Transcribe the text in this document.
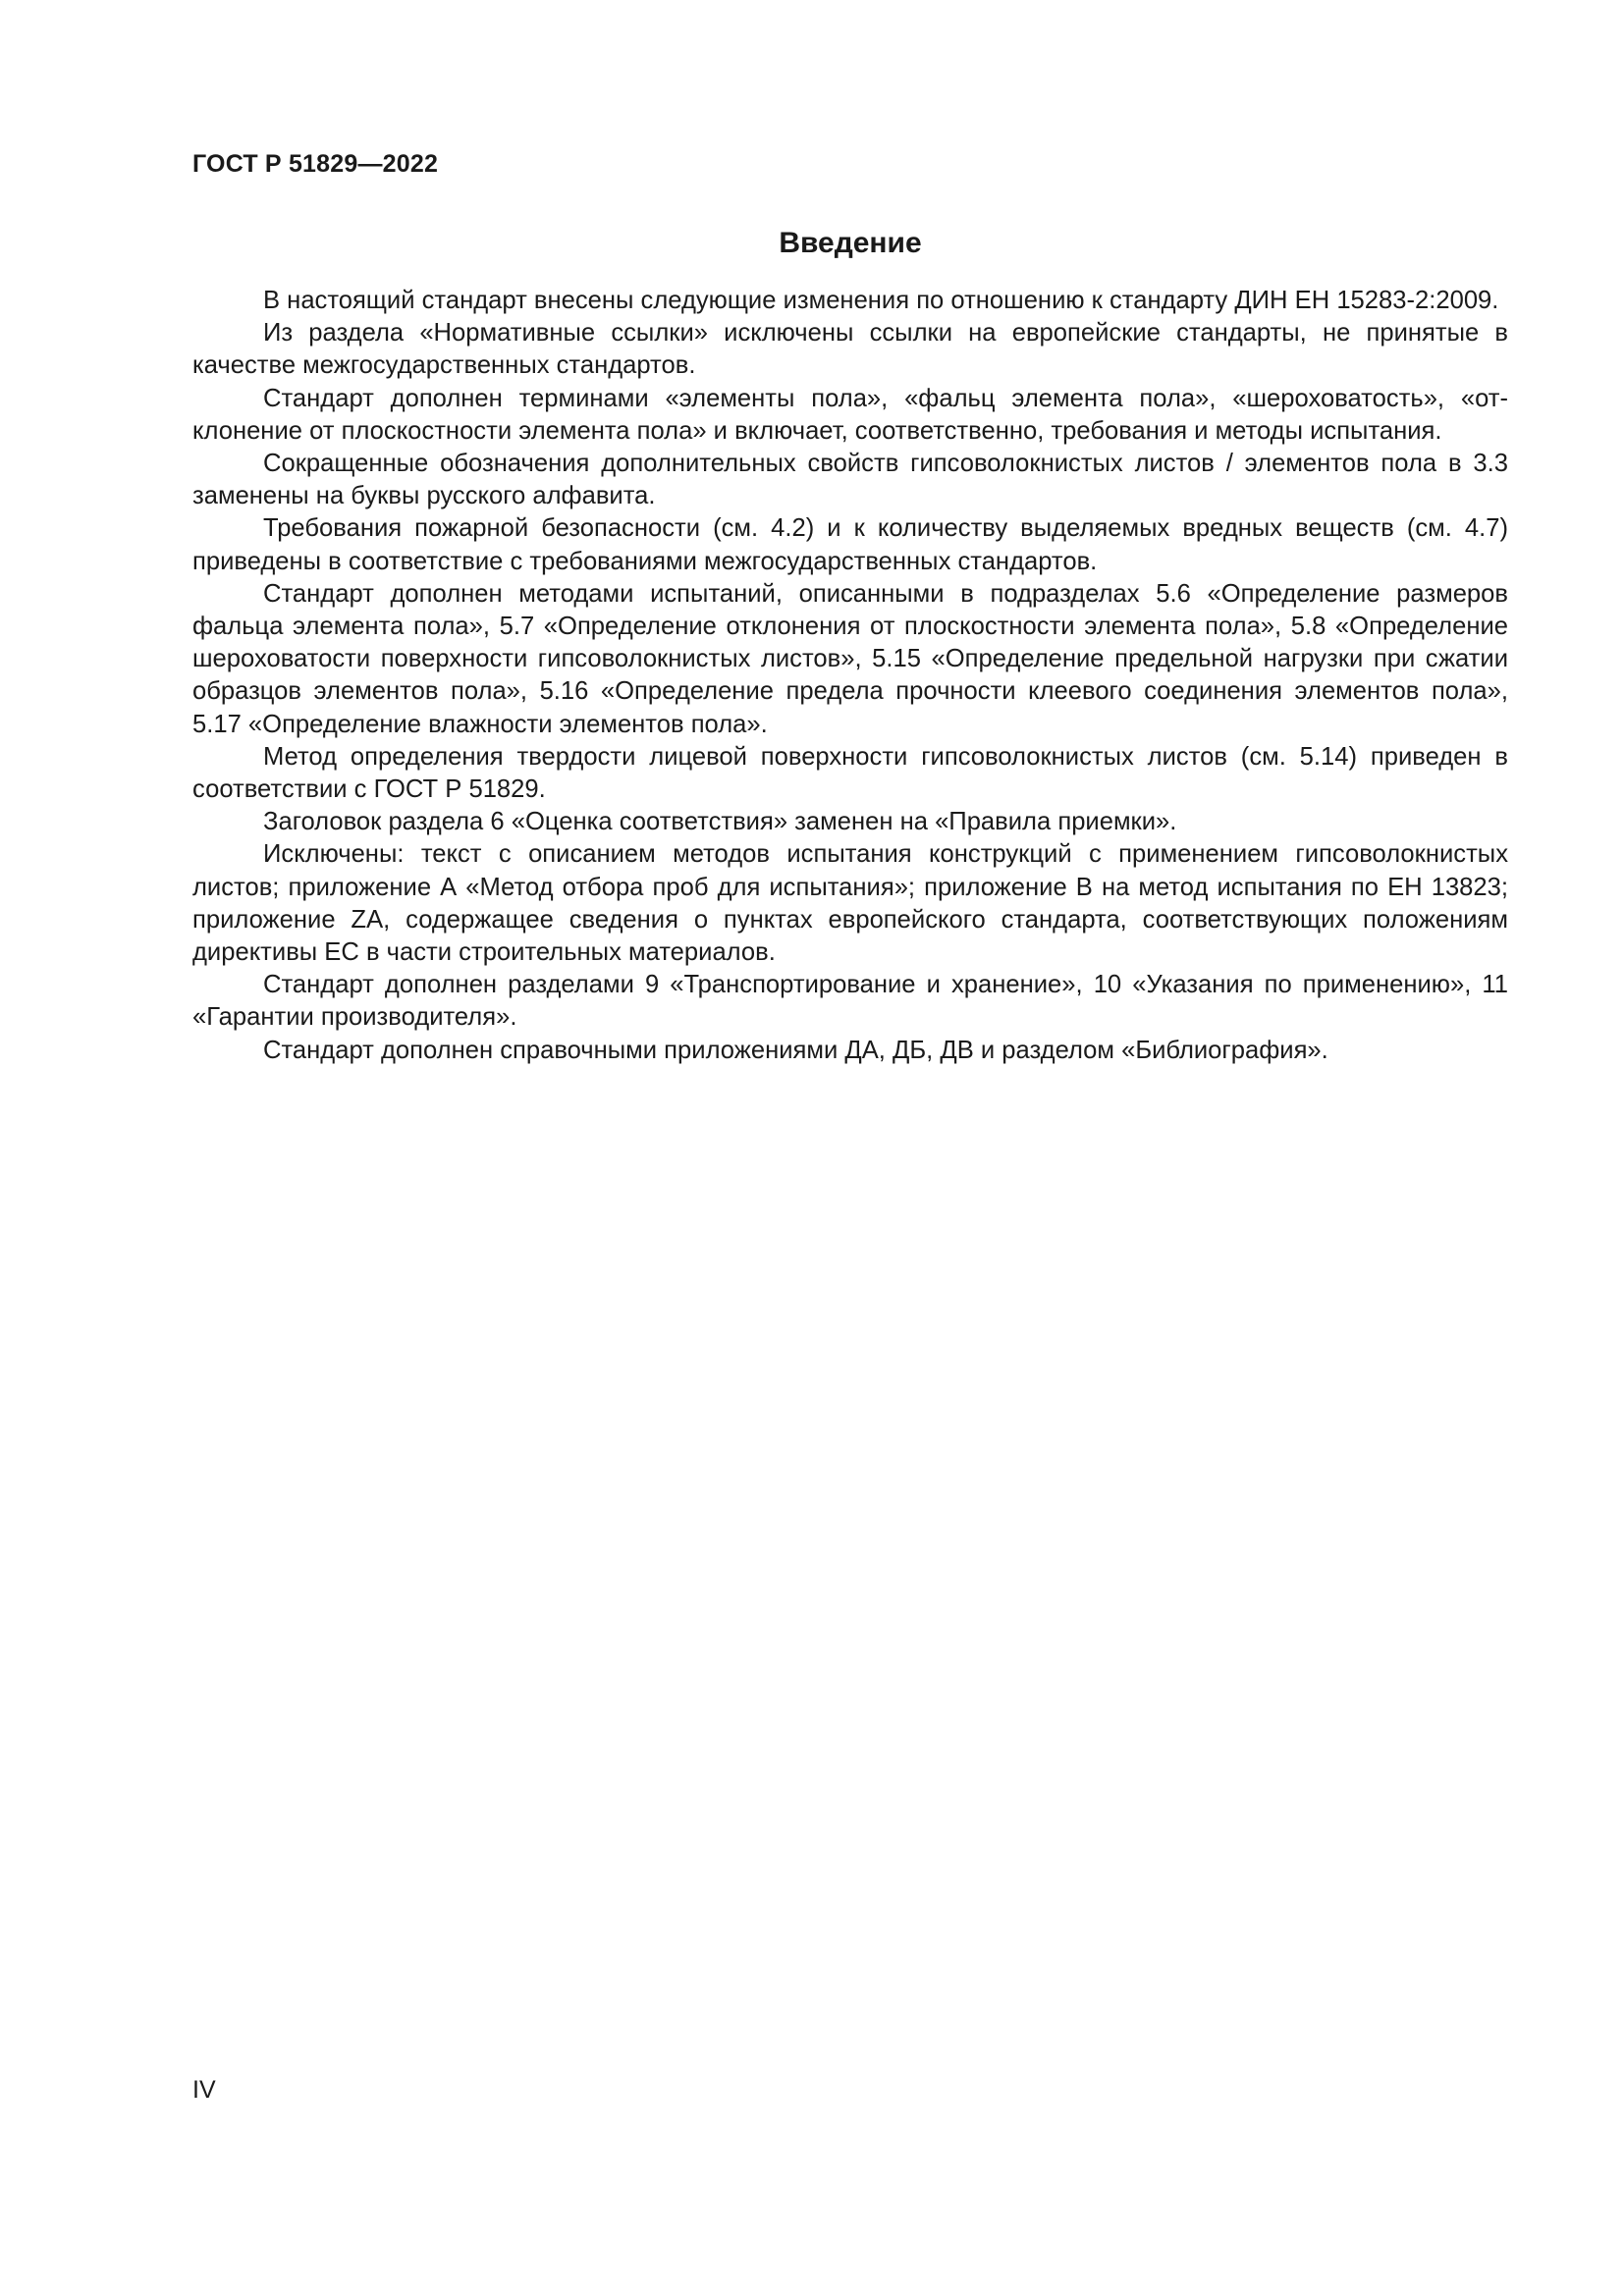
ГОСТ Р 51829—2022
Введение

В настоящий стандарт внесены следующие изменения по отношению к стандарту ДИН ЕН 15283-2:2009.

Из раздела «Нормативные ссылки» исключены ссылки на европейские стандарты, не принятые в качестве межгосударственных стандартов.

Стандарт дополнен терминами «элементы пола», «фальц элемента пола», «шероховатость», «отклонение от плоскостности элемента пола» и включает, соответственно, требования и методы испытания.

Сокращенные обозначения дополнительных свойств гипсоволокнистых листов / элементов пола в 3.3 заменены на буквы русского алфавита.

Требования пожарной безопасности (см. 4.2) и к количеству выделяемых вредных веществ (см. 4.7) приведены в соответствие с требованиями межгосударственных стандартов.

Стандарт дополнен методами испытаний, описанными в подразделах 5.6 «Определение размеров фальца элемента пола», 5.7 «Определение отклонения от плоскостности элемента пола», 5.8 «Определение шероховатости поверхности гипсоволокнистых листов», 5.15 «Определение предельной нагрузки при сжатии образцов элементов пола», 5.16 «Определение предела прочности клеевого соединения элементов пола», 5.17 «Определение влажности элементов пола».

Метод определения твердости лицевой поверхности гипсоволокнистых листов (см. 5.14) приведен в соответствии с ГОСТ Р 51829.

Заголовок раздела 6 «Оценка соответствия» заменен на «Правила приемки».

Исключены: текст с описанием методов испытания конструкций с применением гипсоволокнистых листов; приложение А «Метод отбора проб для испытания»; приложение В на метод испытания по ЕН 13823; приложение ZA, содержащее сведения о пунктах европейского стандарта, соответствующих положениям директивы ЕС в части строительных материалов.

Стандарт дополнен разделами 9 «Транспортирование и хранение», 10 «Указания по применению», 11 «Гарантии производителя».

Стандарт дополнен справочными приложениями ДА, ДБ, ДВ и разделом «Библиография».

IV
